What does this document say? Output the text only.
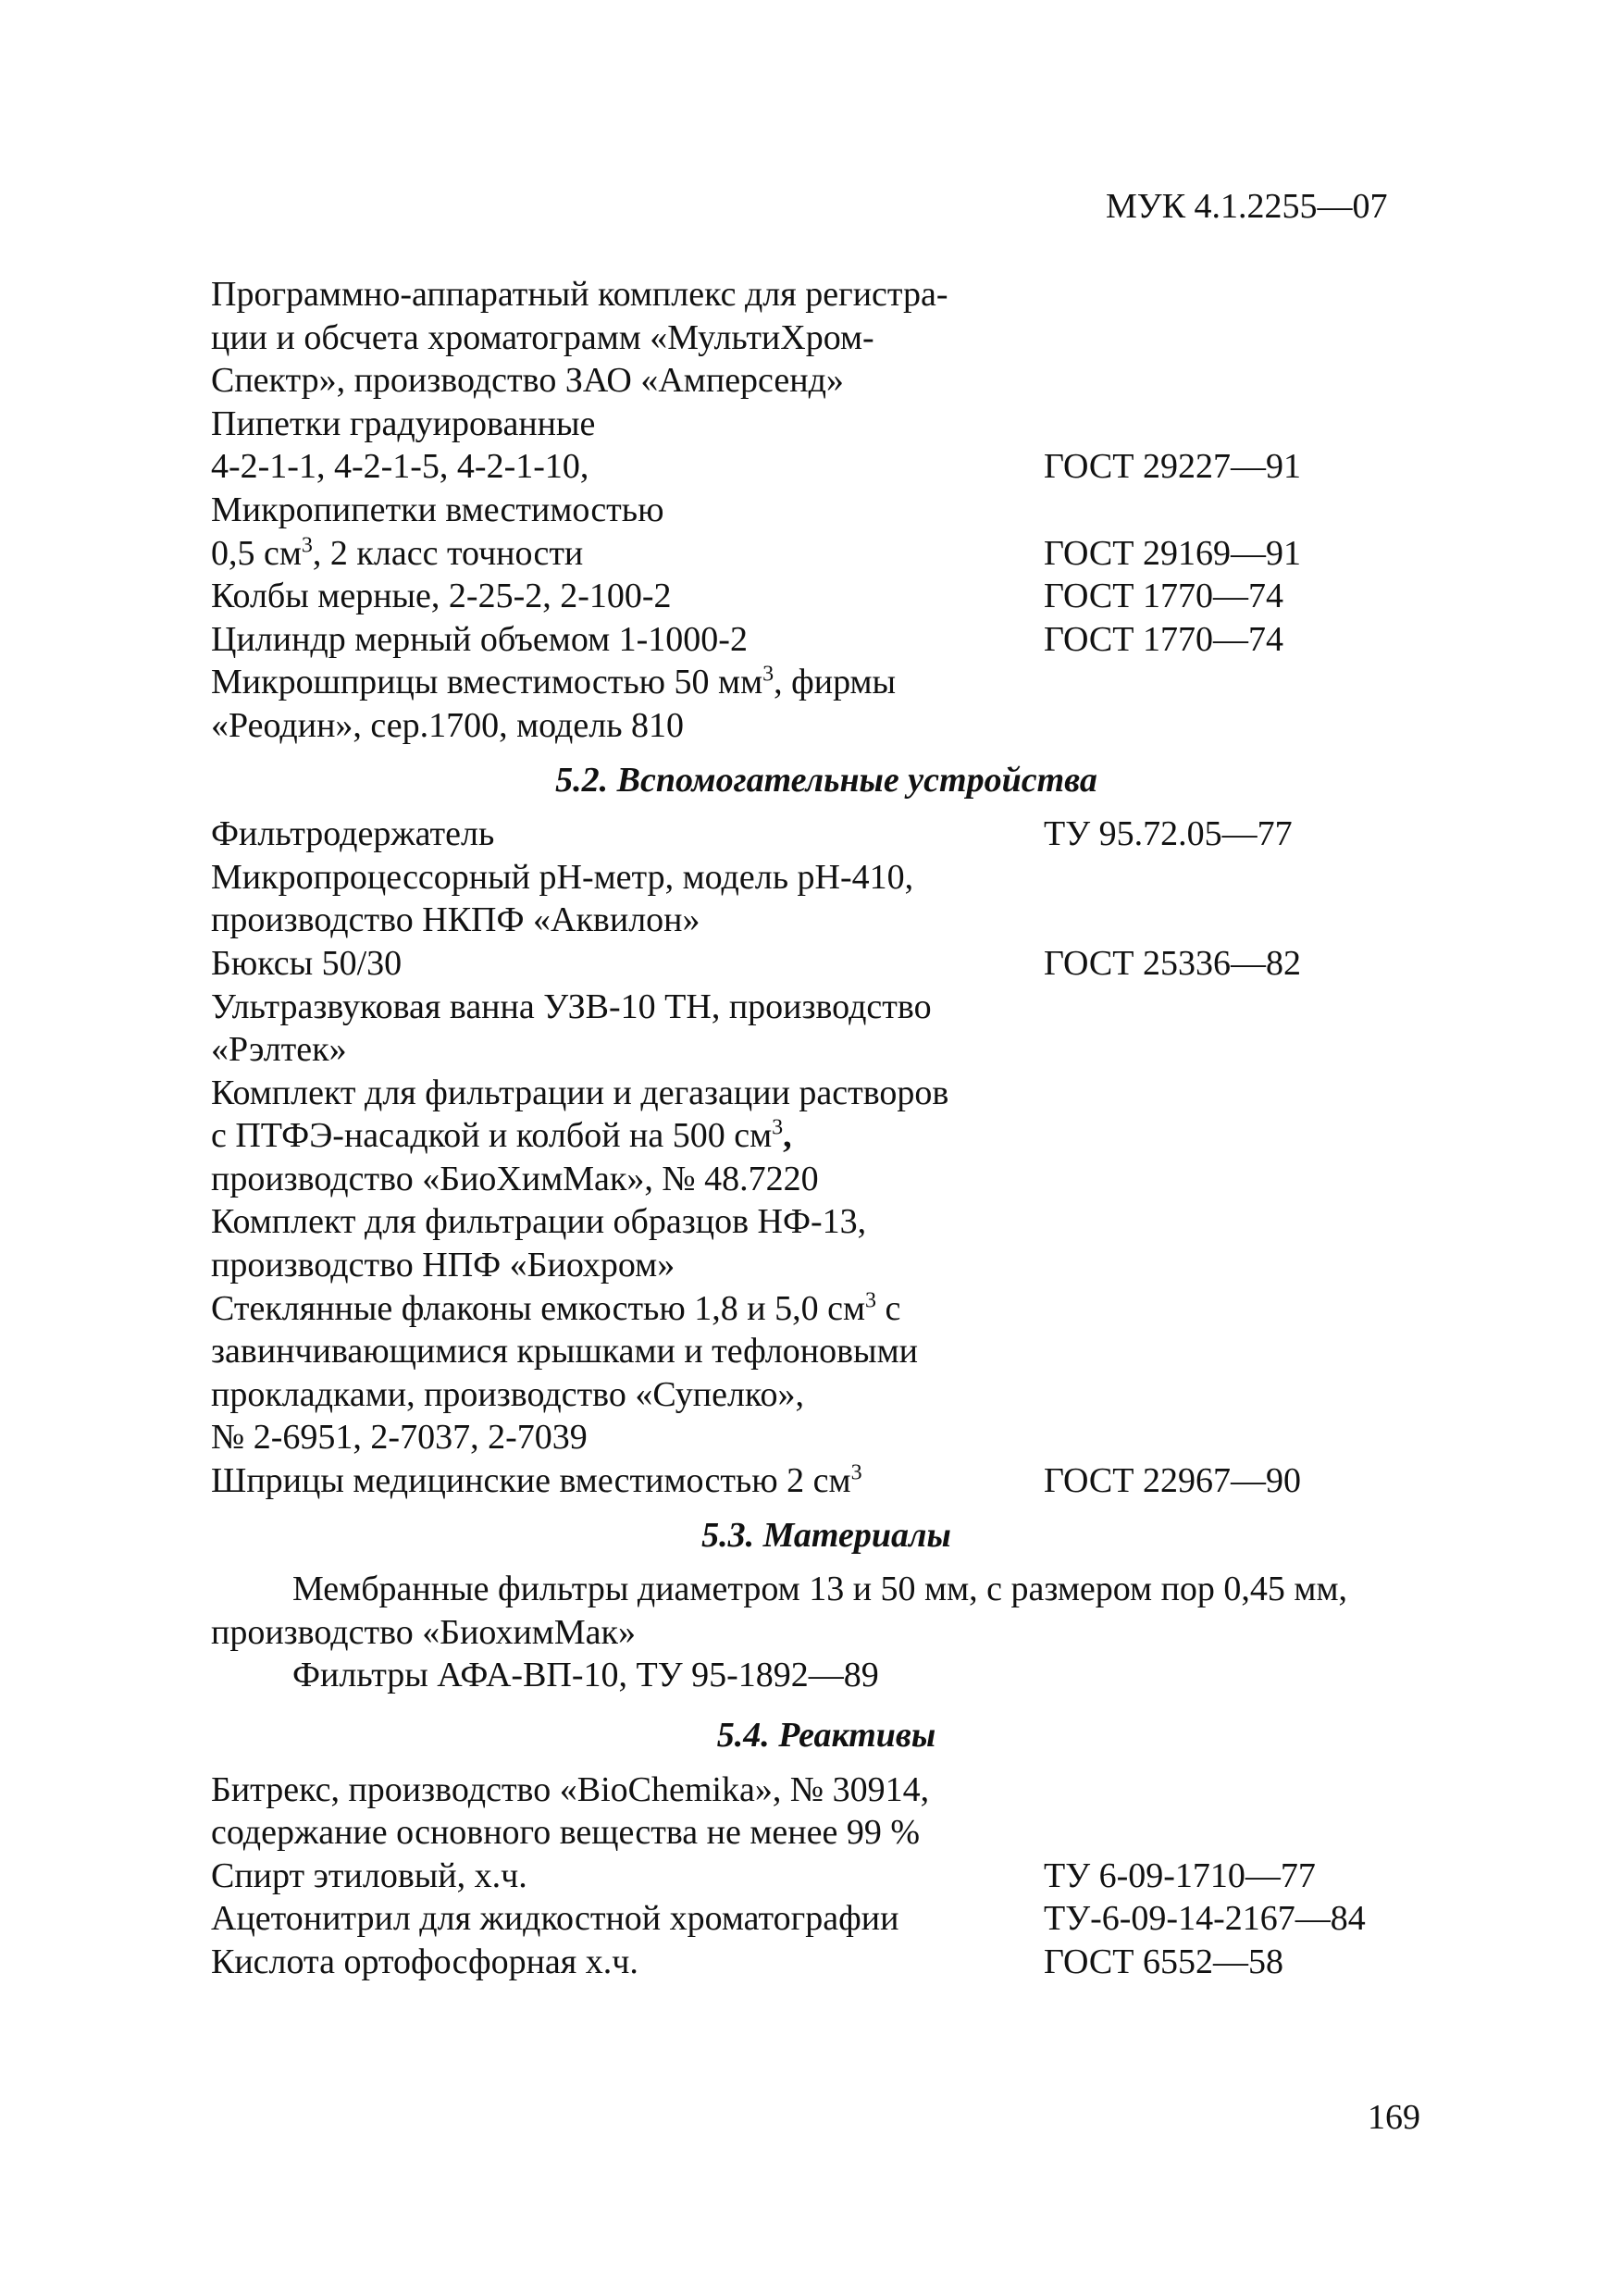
МУК 4.1.2255—07
Программно-аппаратный комплекс для регистра-
ции и обсчета хроматограмм «МультиХром-
Спектр», производство ЗАО «Амперсенд»
Пипетки градуированные
4-2-1-1, 4-2-1-5, 4-2-1-10,	ГОСТ 29227—91
Микропипетки вместимостью
0,5 $см^3$, 2 класс точности	ГОСТ 29169—91
Колбы мерные, 2-25-2, 2-100-2	ГОСТ 1770—74
Цилиндр мерный объемом 1-1000-2	ГОСТ 1770—74
Микрошприцы вместимостью 50 $мм^3$, фирмы
«Реодин», сер.1700, модель 810
5.2. Вспомогательные устройства
Фильтродержатель	ТУ 95.72.05—77
Микропроцессорный pH-метр, модель pH-410,
производство НКПФ «Аквилон»
Бюксы 50/30	ГОСТ 25336—82
Ультразвуковая ванна УЗВ-10 ТН, производство
«Рэлтек»
Комплект для фильтрации и дегазации растворов
с ПТФЭ-насадкой и колбой на 500 $см^3$,
производство «БиоХимМак», № 48.7220
Комплект для фильтрации образцов НФ-13,
производство НПФ «Биохром»
Стеклянные флаконы емкостью 1,8 и 5,0 $см^3$ с
завинчивающимися крышками и тефлоновыми
прокладками, производство «Супелко»,
№ 2-6951, 2-7037, 2-7039
Шприцы медицинские вместимостью 2 $см^3$	ГОСТ 22967—90
5.3. Материалы
Мембранные фильтры диаметром 13 и 50 мм, с размером пор 0,45 мм,
производство «БиохимМак»
Фильтры АФА-ВП-10, ТУ 95-1892—89
5.4. Реактивы
Битрекс, производство «BioChemika», № 30914,
содержание основного вещества не менее 99 %
Спирт этиловый, х.ч.	ТУ 6-09-1710—77
Ацетонитрил для жидкостной хроматографии	ТУ-6-09-14-2167—84
Кислота ортофосфорная х.ч.	ГОСТ 6552—58
169
